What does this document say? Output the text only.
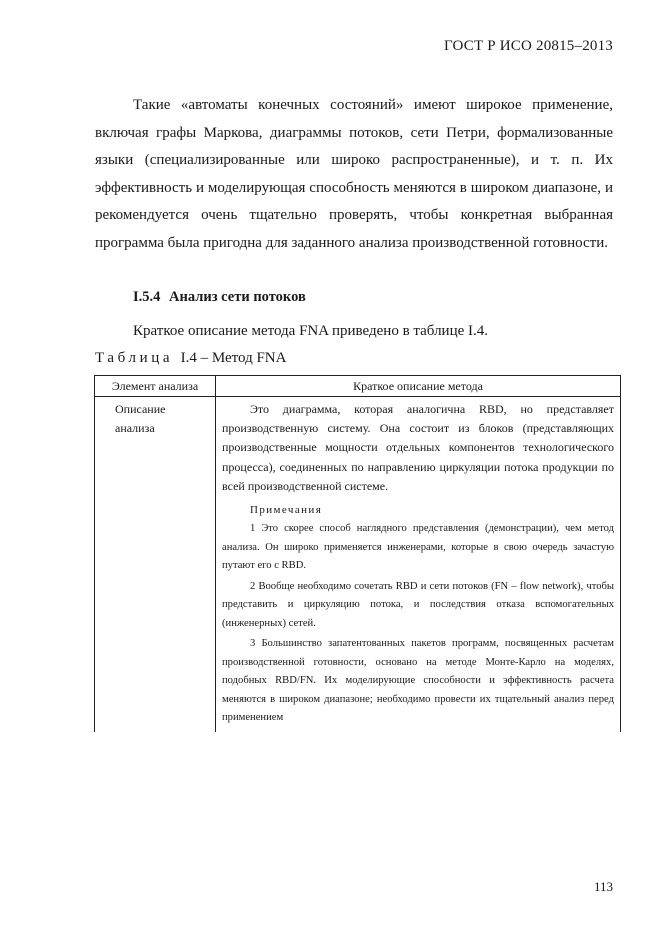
ГОСТ Р ИСО 20815–2013

Такие «автоматы конечных состояний» имеют широкое применение, включая графы Маркова, диаграммы потоков, сети Петри, формализованные языки (специализированные или широко распространенные), и т. п. Их эффективность и моделирующая способность меняются в широком диапазоне, и рекомендуется очень тщательно проверять, чтобы конкретная выбранная программа была пригодна для заданного анализа производственной готовности.

I.5.4 Анализ сети потоков

Краткое описание метода FNA приведено в таблице I.4.

Таблица I.4 – Метод FNA

Элемент анализа	Краткое описание метода
Описание анализа	Это диаграмма, которая аналогична RBD, но представляет производственную систему. Она состоит из блоков (представляющих производственные мощности отдельных компонентов технологического процесса), соединенных по направлению циркуляции потока продукции по всей производственной системе.

Примечания

1 Это скорее способ наглядного представления (демонстрации), чем метод анализа. Он широко применяется инженерами, которые в свою очередь зачастую путают его с RBD.

2 Вообще необходимо сочетать RBD и сети потоков (FN – flow network), чтобы представить и циркуляцию потока, и последствия отказа вспомогательных (инженерных) сетей.

3 Большинство запатентованных пакетов программ, посвященных расчетам производственной готовности, основано на методе Монте-Карло на моделях, подобных RBD/FN. Их моделирующие способности и эффективность расчета меняются в широком диапазоне; необходимо провести их тщательный анализ перед применением

113
